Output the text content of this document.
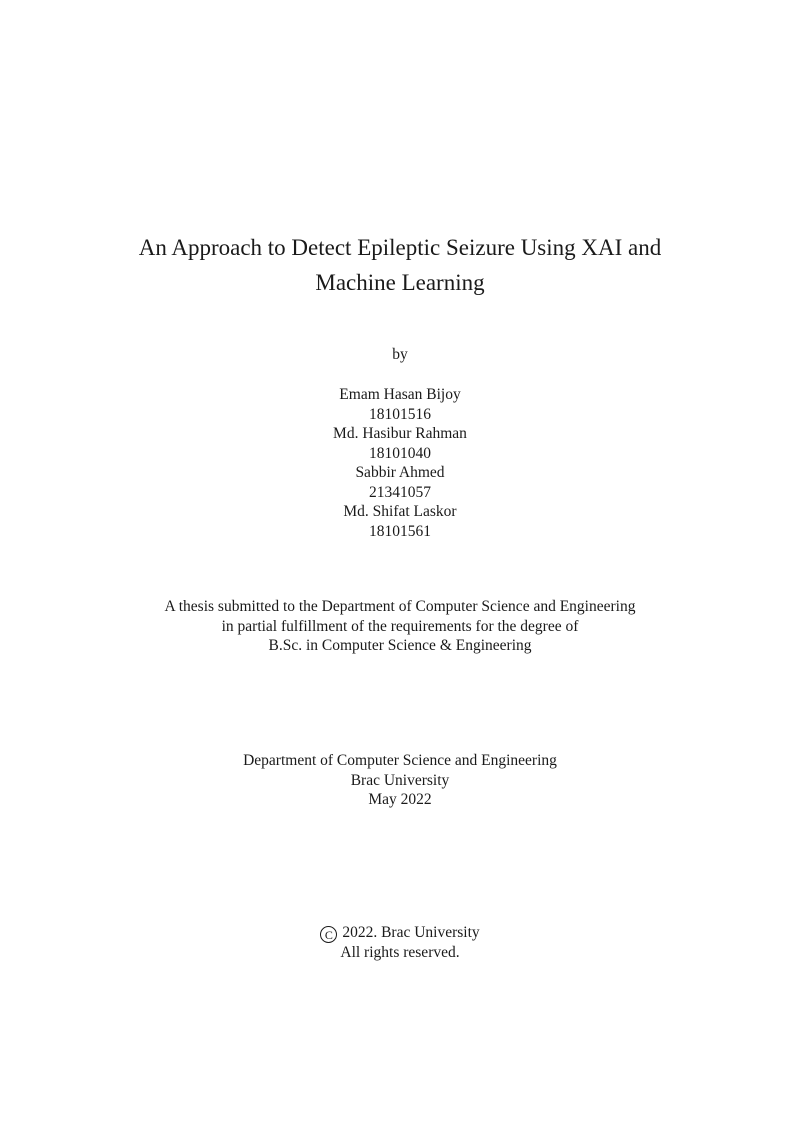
An Approach to Detect Epileptic Seizure Using XAI and
Machine Learning
by
Emam Hasan Bijoy
18101516
Md. Hasibur Rahman
18101040
Sabbir Ahmed
21341057
Md. Shifat Laskor
18101561
A thesis submitted to the Department of Computer Science and Engineering
in partial fulfillment of the requirements for the degree of
B.Sc. in Computer Science & Engineering
Department of Computer Science and Engineering
Brac University
May 2022
C 2022. Brac University
All rights reserved.
